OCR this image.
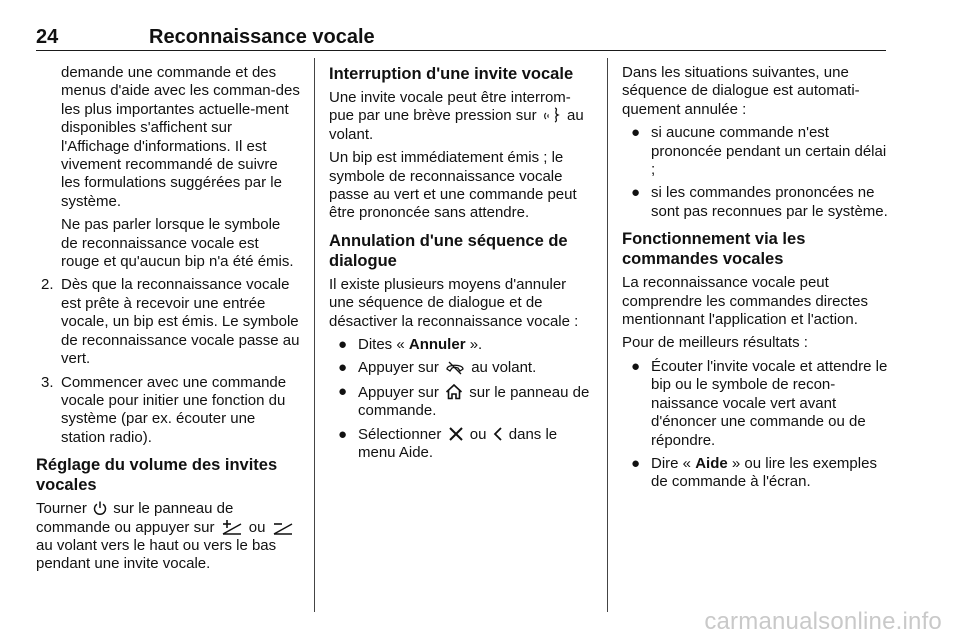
24	Reconnaissance vocale

demande une commande et des menus d'aide avec les comman-des les plus importantes actuelle-ment disponibles s'affichent sur l'Affichage d'informations. Il est vivement recommandé de suivre les formulations suggérées par le système.

Ne pas parler lorsque le symbole de reconnaissance vocale est rouge et qu'aucun bip n'a été émis.

2. Dès que la reconnaissance vocale est prête à recevoir une entrée vocale, un bip est émis. Le symbole de reconnaissance vocale passe au vert.
3. Commencer avec une commande vocale pour initier une fonction du système (par ex. écouter une station radio).
Réglage du volume des invites vocales

Tourner sur le panneau de commande ou appuyer sur ou  au volant vers le haut ou vers le bas pendant une invite vocale.

Interruption d'une invite vocale

Une invite vocale peut être interrom-pue par une brève pression sur au volant.

Un bip est immédiatement émis ; le symbole de reconnaissance vocale passe au vert et une commande peut être prononcée sans attendre.

Annulation d'une séquence de dialogue

Il existe plusieurs moyens d'annuler une séquence de dialogue et de désactiver la reconnaissance vocale :

● Dites « Annuler ».
● Appuyer sur au volant.
● Appuyer sur sur le panneau de commande.
● Sélectionner ou dans le menu Aide.

Dans les situations suivantes, une séquence de dialogue est automati-quement annulée :

● si aucune commande n'est prononcée pendant un certain délai ;
● si les commandes prononcées ne sont pas reconnues par le système.
Fonctionnement via les commandes vocales

La reconnaissance vocale peut comprendre les commandes directes mentionnant l'application et l'action.

Pour de meilleurs résultats :

● Écouter l'invite vocale et attendre le bip ou le symbole de recon-naissance vocale vert avant d'énoncer une commande ou de répondre.
● Dire « Aide » ou lire les exemples de commande à l'écran.
carmanualsonline.info
